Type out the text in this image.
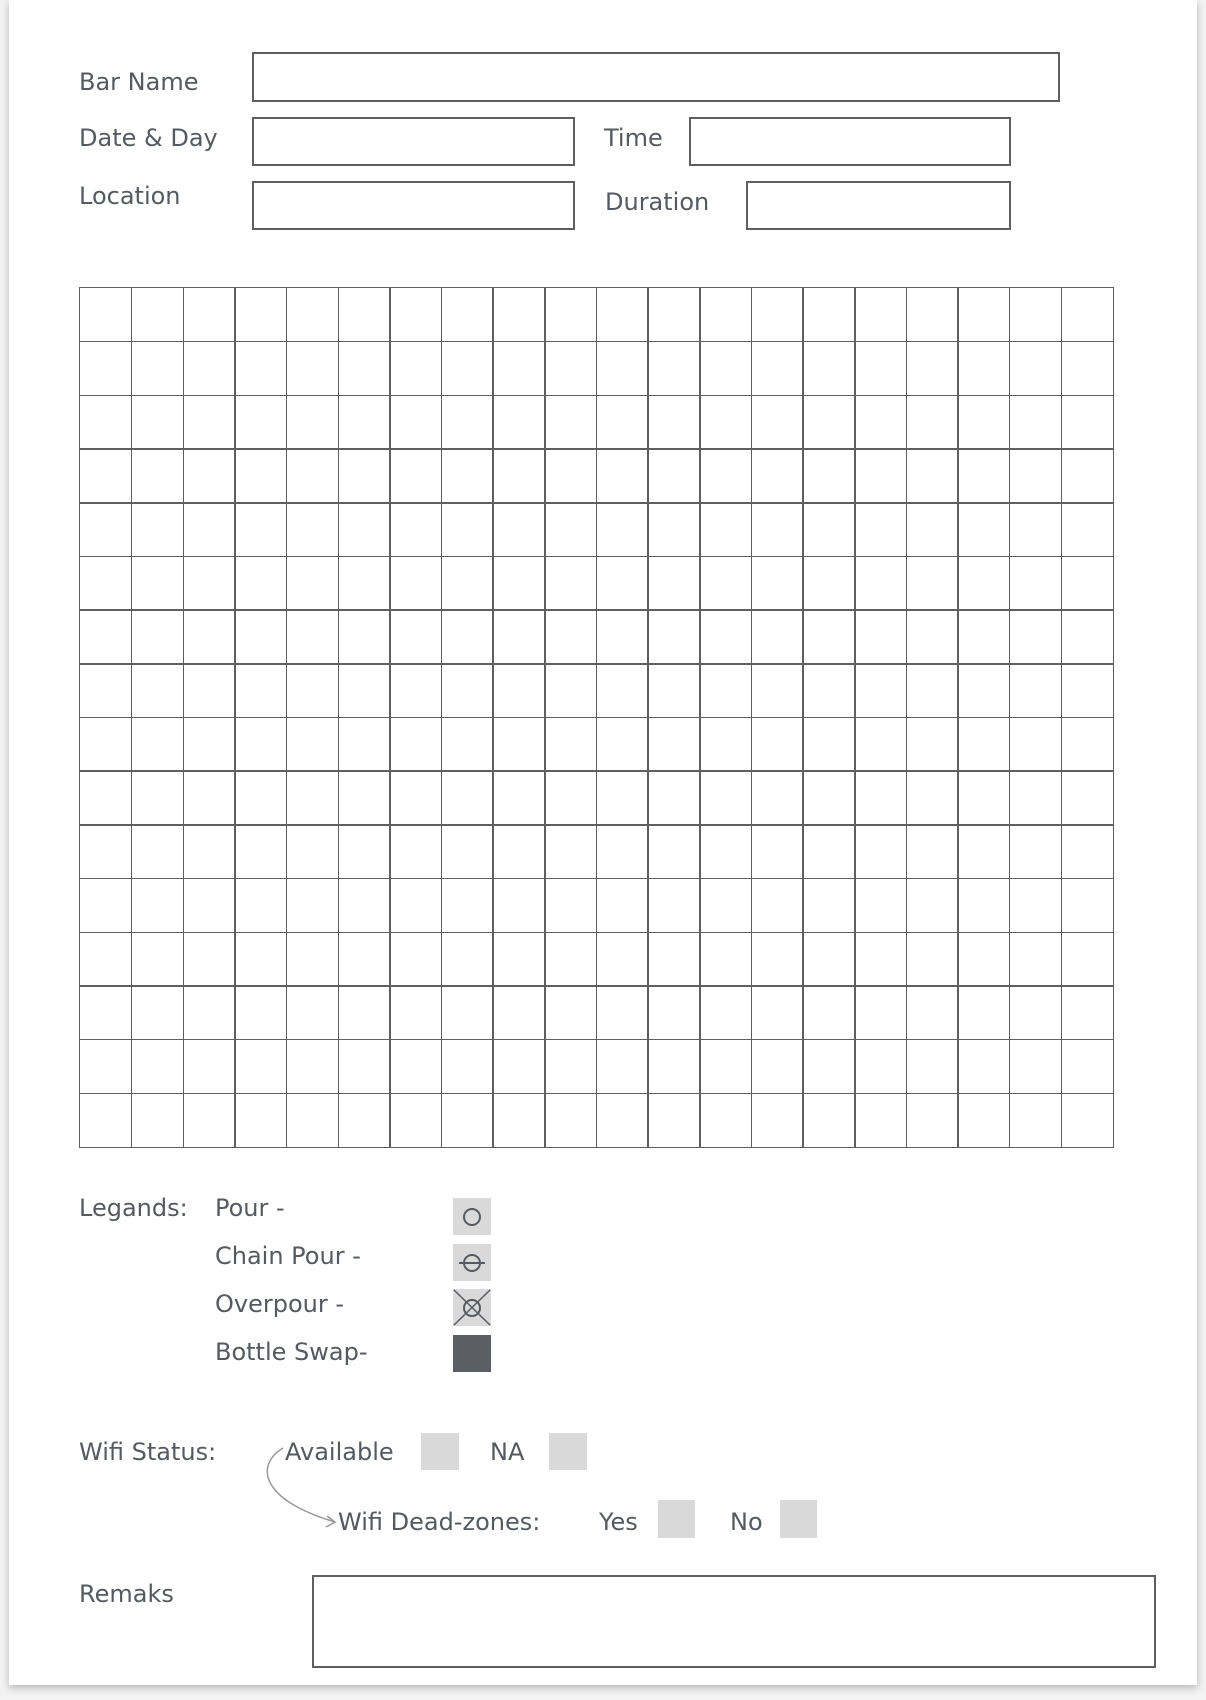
Bar Name
Date & Day	Time
Location	Duration
Legands: Pour -
Chain Pour -
Overpour -
Bottle Swap-
Wifi Status:	Available	NA
Wifi Dead-zones: Yes	No
Remaks
